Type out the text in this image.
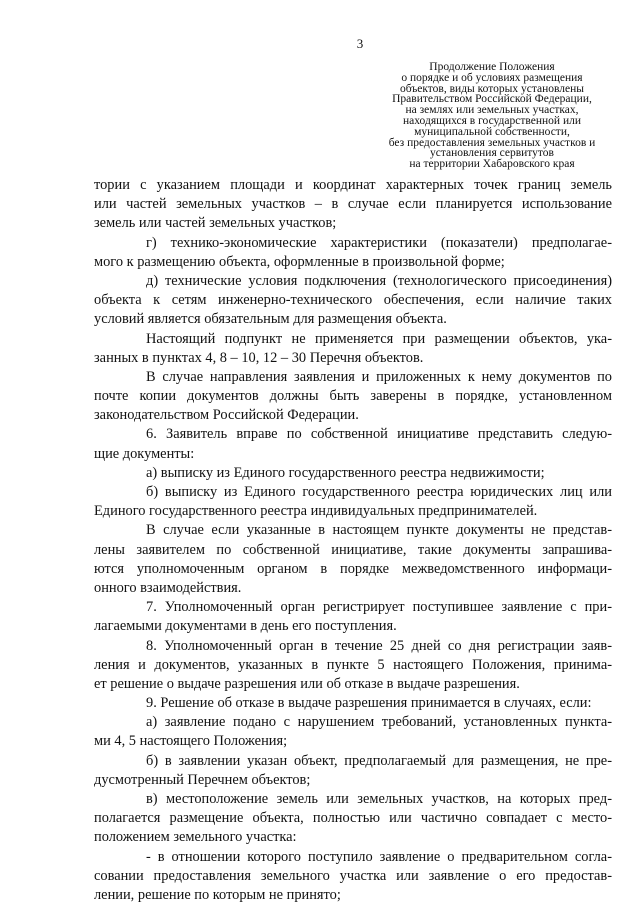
3
Продолжение Положения
о порядке и об условиях размещения
объектов, виды которых установлены
Правительством Российской Федерации,
на землях или земельных участках,
находящихся в государственной или
муниципальной собственности,
без предоставления земельных участков и
установления сервитутов
на территории Хабаровского края
тории с указанием площади и координат характерных точек границ земель
или частей земельных участков – в случае если планируется использование
земель или частей земельных участков;
г) технико-экономические характеристики (показатели) предполагае-
мого к размещению объекта, оформленные в произвольной форме;
д) технические условия подключения (технологического присоединения)
объекта к сетям инженерно-технического обеспечения, если наличие таких
условий является обязательным для размещения объекта.
Настоящий подпункт не применяется при размещении объектов, ука-
занных в пунктах 4, 8 – 10, 12 – 30 Перечня объектов.
В случае направления заявления и приложенных к нему документов по
почте копии документов должны быть заверены в порядке, установленном
законодательством Российской Федерации.
6. Заявитель вправе по собственной инициативе представить следую-
щие документы:
а) выписку из Единого государственного реестра недвижимости;
б) выписку из Единого государственного реестра юридических лиц или
Единого государственного реестра индивидуальных предпринимателей.
В случае если указанные в настоящем пункте документы не представ-
лены заявителем по собственной инициативе, такие документы запрашива-
ются уполномоченным органом в порядке межведомственного информаци-
онного взаимодействия.
7. Уполномоченный орган регистрирует поступившее заявление с при-
лагаемыми документами в день его поступления.
8. Уполномоченный орган в течение 25 дней со дня регистрации заяв-
ления и документов, указанных в пункте 5 настоящего Положения, принима-
ет решение о выдаче разрешения или об отказе в выдаче разрешения.
9. Решение об отказе в выдаче разрешения принимается в случаях, если:
а) заявление подано с нарушением требований, установленных пункта-
ми 4, 5 настоящего Положения;
б) в заявлении указан объект, предполагаемый для размещения, не пре-
дусмотренный Перечнем объектов;
в) местоположение земель или земельных участков, на которых пред-
полагается размещение объекта, полностью или частично совпадает с место-
положением земельного участка:
- в отношении которого поступило заявление о предварительном согла-
совании предоставления земельного участка или заявление о его предостав-
лении, решение по которым не принято;
